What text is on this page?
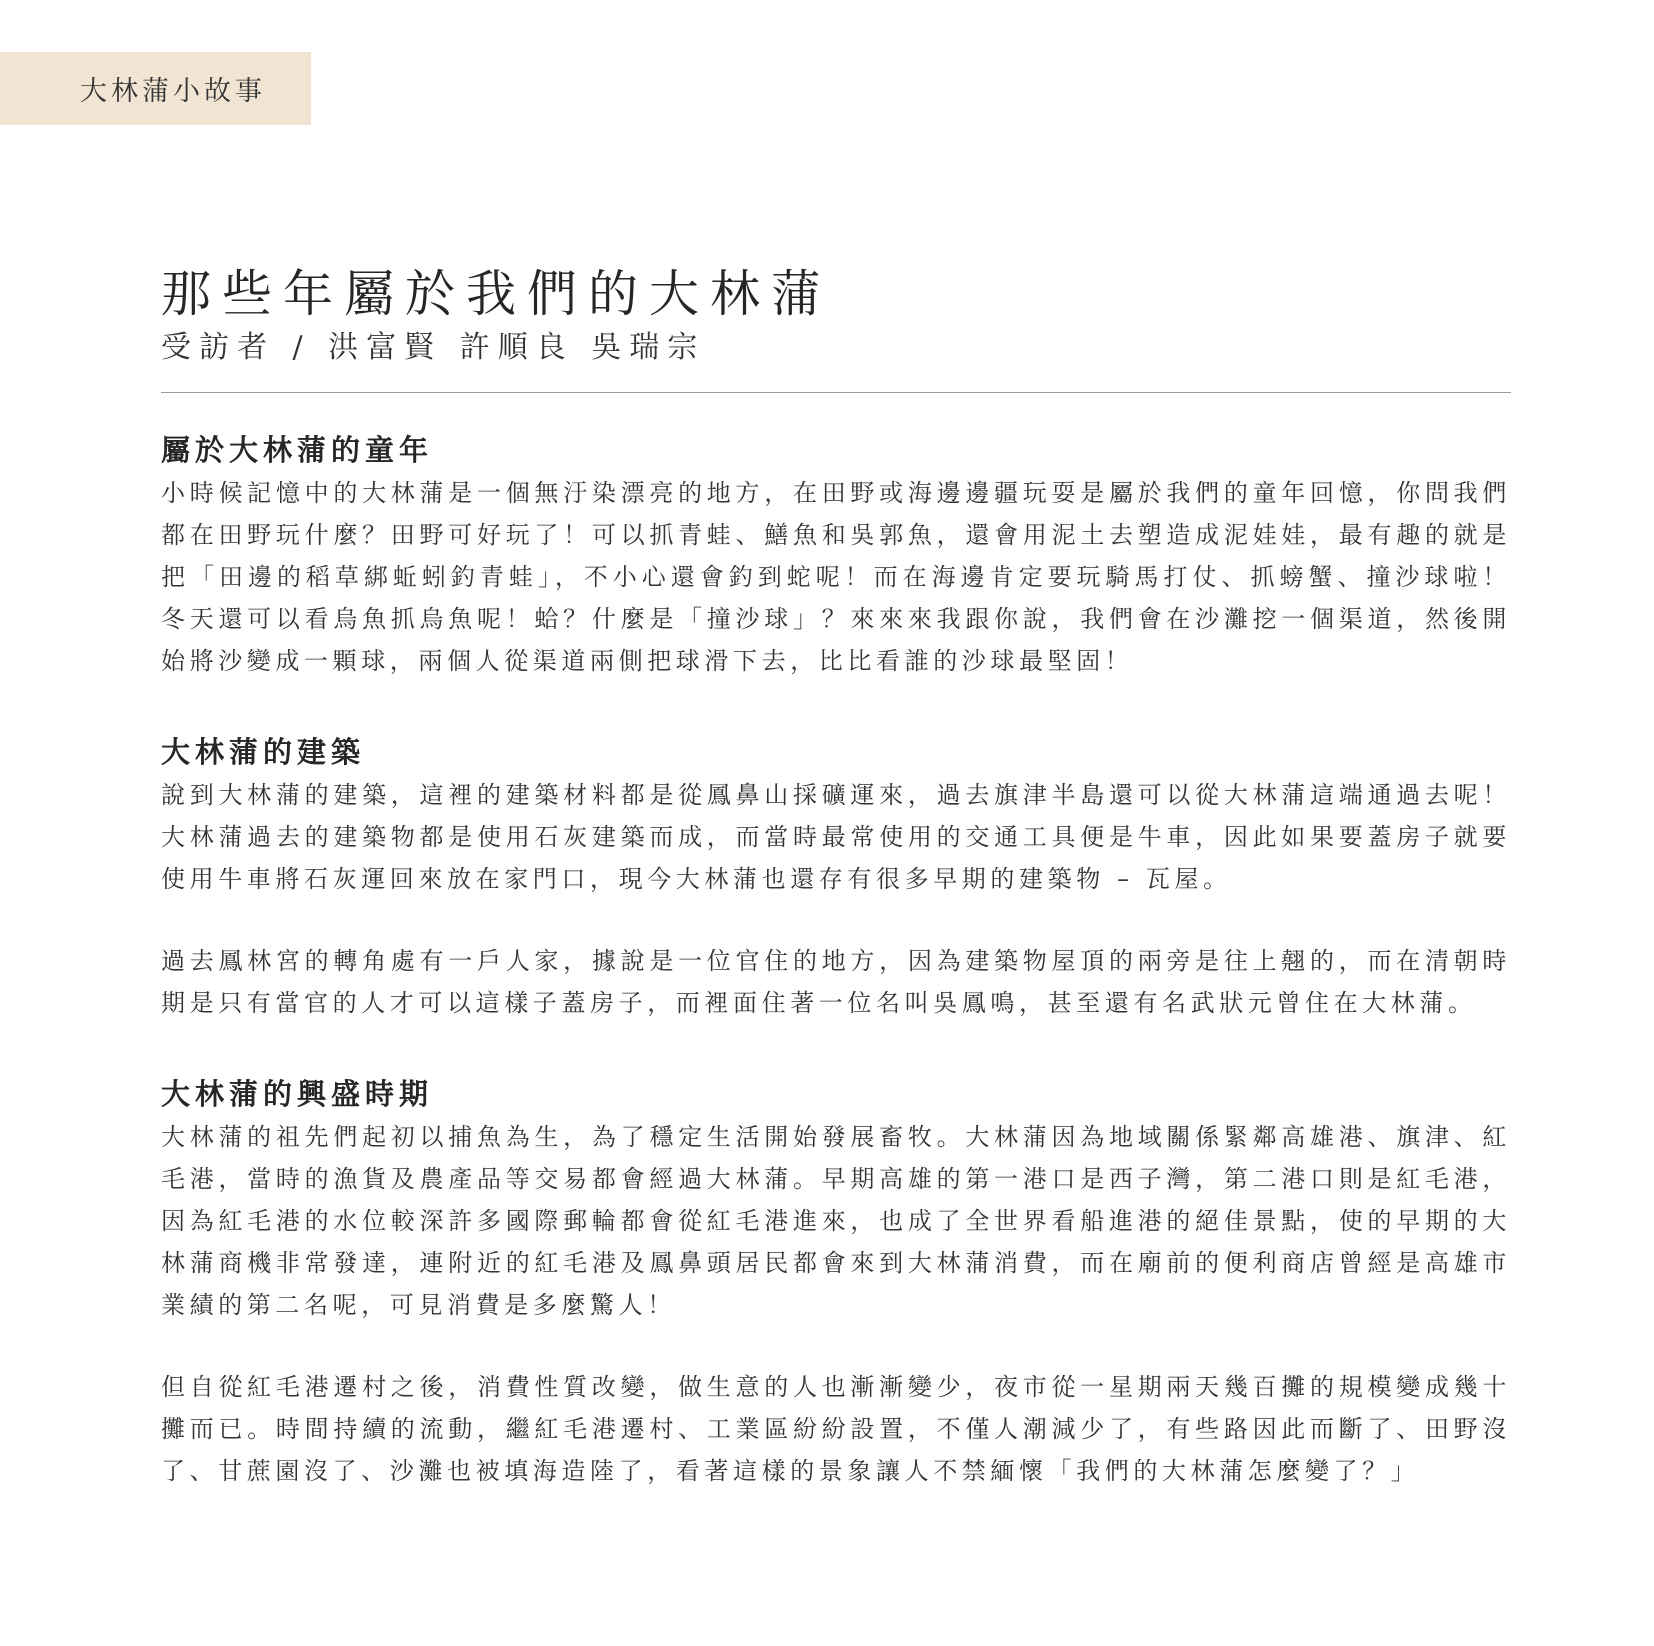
大林蒲小故事
那些年屬於我們的大林蒲

受訪者 / 洪富賢 許順良 吳瑞宗

屬於大林蒲的童年

小時候記憶中的大林蒲是一個無汙染漂亮的地方，在田野或海邊邊疆玩耍是屬於我們的童年回憶，你問我們都在田野玩什麼？田野可好玩了！可以抓青蛙、鱔魚和吳郭魚，還會用泥土去塑造成泥娃娃，最有趣的就是把「田邊的稻草綁蚯蚓釣青蛙」，不小心還會釣到蛇呢！而在海邊肯定要玩騎馬打仗、抓螃蟹、撞沙球啦！冬天還可以看烏魚抓烏魚呢！蛤？什麼是「撞沙球」？來來來我跟你說，我們會在沙灘挖一個渠道，然後開始將沙變成一顆球，兩個人從渠道兩側把球滑下去，比比看誰的沙球最堅固！

大林蒲的建築

說到大林蒲的建築，這裡的建築材料都是從鳳鼻山採礦運來，過去旗津半島還可以從大林蒲這端通過去呢！大林蒲過去的建築物都是使用石灰建築而成，而當時最常使用的交通工具便是牛車，因此如果要蓋房子就要使用牛車將石灰運回來放在家門口，現今大林蒲也還存有很多早期的建築物 – 瓦屋。

過去鳳林宮的轉角處有一戶人家，據說是一位官住的地方，因為建築物屋頂的兩旁是往上翹的，而在清朝時期是只有當官的人才可以這樣子蓋房子，而裡面住著一位名叫吳鳳鳴，甚至還有名武狀元曾住在大林蒲。

大林蒲的興盛時期

大林蒲的祖先們起初以捕魚為生，為了穩定生活開始發展畜牧。大林蒲因為地域關係緊鄰高雄港、旗津、紅毛港，當時的漁貨及農產品等交易都會經過大林蒲。早期高雄的第一港口是西子灣，第二港口則是紅毛港，因為紅毛港的水位較深許多國際郵輪都會從紅毛港進來，也成了全世界看船進港的絕佳景點，使的早期的大林蒲商機非常發達，連附近的紅毛港及鳳鼻頭居民都會來到大林蒲消費，而在廟前的便利商店曾經是高雄市業績的第二名呢，可見消費是多麼驚人！

但自從紅毛港遷村之後，消費性質改變，做生意的人也漸漸變少，夜市從一星期兩天幾百攤的規模變成幾十攤而已。時間持續的流動，繼紅毛港遷村、工業區紛紛設置，不僅人潮減少了，有些路因此而斷了、田野沒了、甘蔗園沒了、沙灘也被填海造陸了，看著這樣的景象讓人不禁緬懷「我們的大林蒲怎麼變了？」
